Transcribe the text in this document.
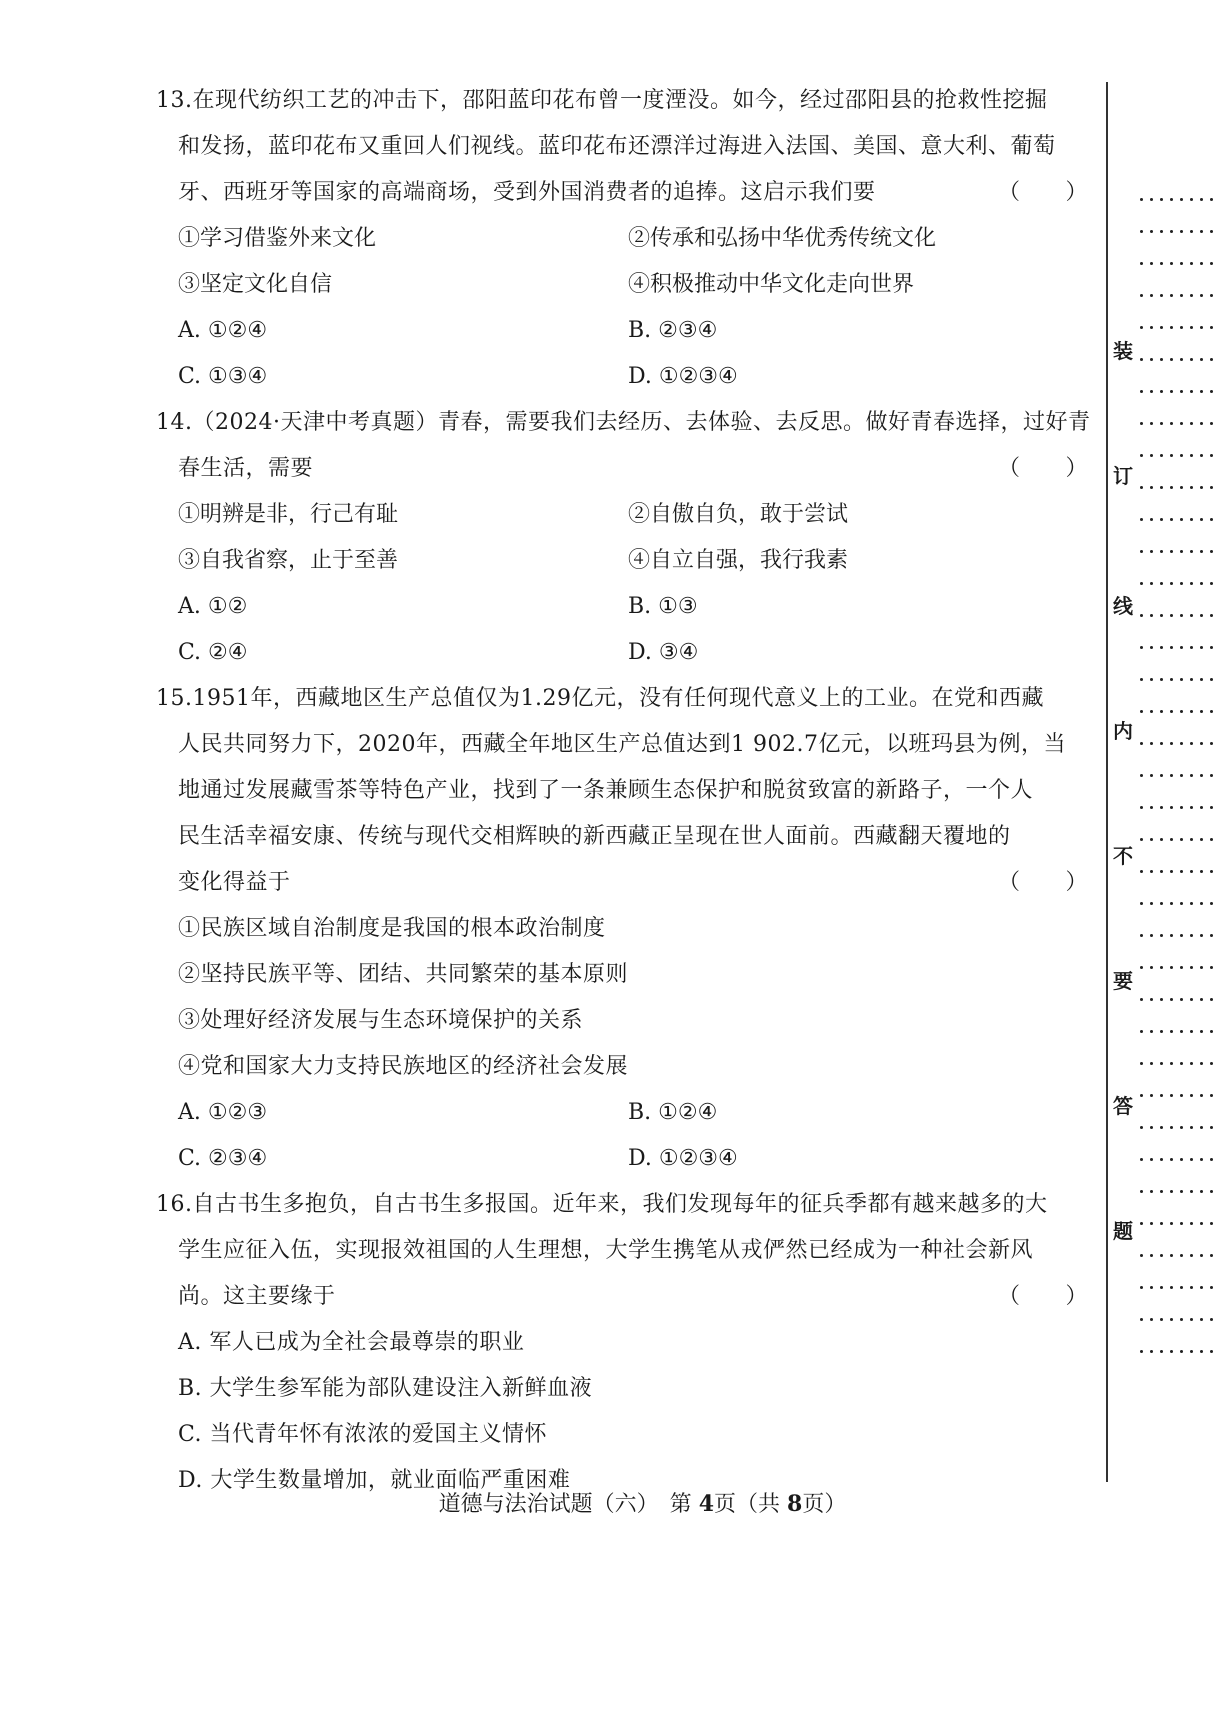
13.在现代纺织工艺的冲击下，邵阳蓝印花布曾一度湮没。如今，经过邵阳县的抢救性挖掘
和发扬，蓝印花布又重回人们视线。蓝印花布还漂洋过海进入法国、美国、意大利、葡萄
牙、西班牙等国家的高端商场，受到外国消费者的追捧。这启示我们要	（　　）
①学习借鉴外来文化	②传承和弘扬中华优秀传统文化
③坚定文化自信	④积极推动中华文化走向世界
A. ①②④	B. ②③④
C. ①③④	D. ①②③④
14.（2024·天津中考真题）青春，需要我们去经历、去体验、去反思。做好青春选择，过好青
春生活，需要	（　　）
①明辨是非，行己有耻	②自傲自负，敢于尝试
③自我省察，止于至善	④自立自强，我行我素
A. ①②	B. ①③
C. ②④	D. ③④
15.1951年，西藏地区生产总值仅为1.29亿元，没有任何现代意义上的工业。在党和西藏
人民共同努力下，2020年，西藏全年地区生产总值达到1 902.7亿元，以班玛县为例，当
地通过发展藏雪茶等特色产业，找到了一条兼顾生态保护和脱贫致富的新路子，一个人
民生活幸福安康、传统与现代交相辉映的新西藏正呈现在世人面前。西藏翻天覆地的
变化得益于	（　　）
①民族区域自治制度是我国的根本政治制度
②坚持民族平等、团结、共同繁荣的基本原则
③处理好经济发展与生态环境保护的关系
④党和国家大力支持民族地区的经济社会发展
A. ①②③	B. ①②④
C. ②③④	D. ①②③④
16.自古书生多抱负，自古书生多报国。近年来，我们发现每年的征兵季都有越来越多的大
学生应征入伍，实现报效祖国的人生理想，大学生携笔从戎俨然已经成为一种社会新风
尚。这主要缘于	（　　）
A. 军人已成为全社会最尊崇的职业
B. 大学生参军能为部队建设注入新鲜血液
C. 当代青年怀有浓浓的爱国主义情怀
D. 大学生数量增加，就业面临严重困难
道德与法治试题（六）　 第 4页（共 8页）
装
订
线
内
不
要
答
题
